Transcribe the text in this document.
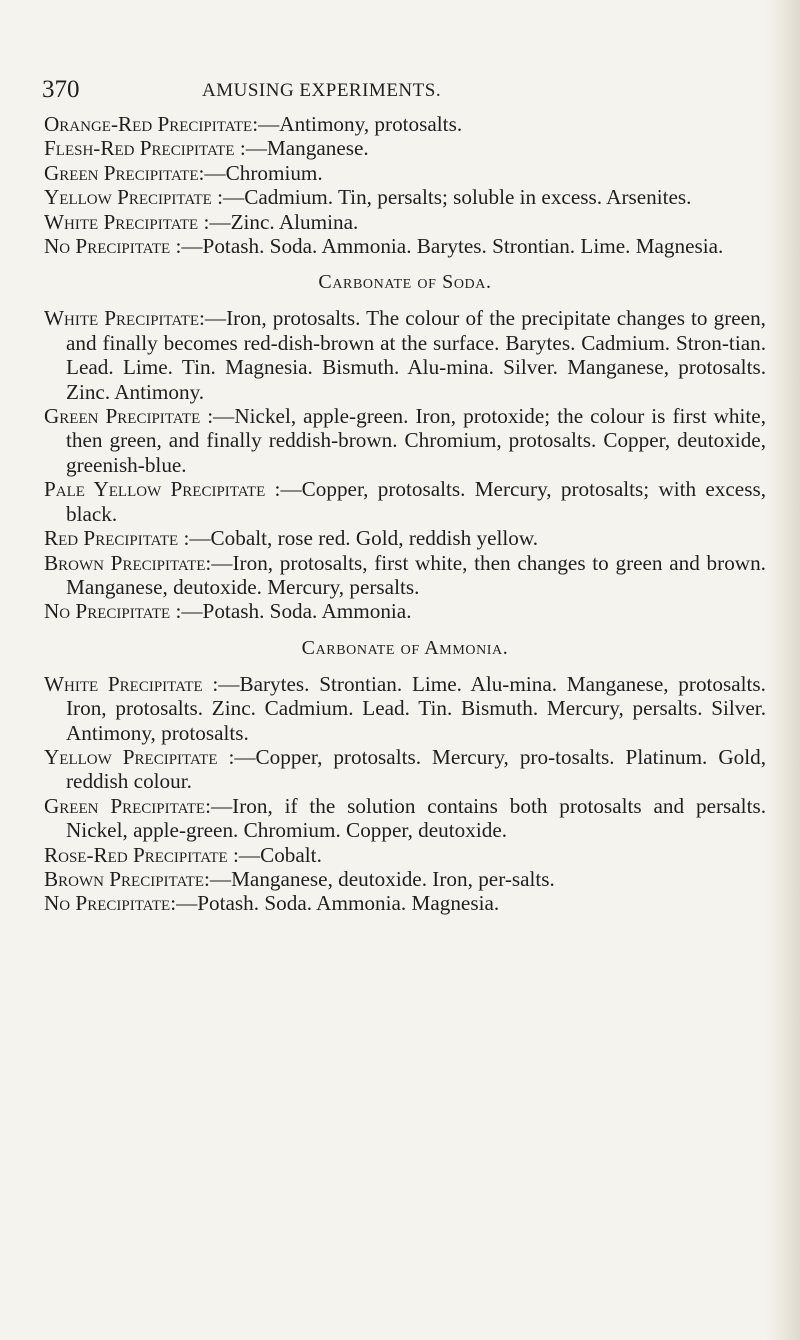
370	AMUSING EXPERIMENTS.

Orange-Red Precipitate:—Antimony, protosalts.

Flesh-Red Precipitate :—Manganese.

Green Precipitate:—Chromium.

Yellow Precipitate :—Cadmium. Tin, persalts; soluble in excess. Arsenites.

White Precipitate :—Zinc. Alumina.

No Precipitate :—Potash. Soda. Ammonia. Barytes. Strontian. Lime. Magnesia.

Carbonate of Soda.

White Precipitate:—Iron, protosalts. The colour of the precipitate changes to green, and finally becomes red-dish-brown at the surface. Barytes. Cadmium. Stron-tian. Lead. Lime. Tin. Magnesia. Bismuth. Alu-mina. Silver. Manganese, protosalts. Zinc. Antimony.

Green Precipitate :—Nickel, apple-green. Iron, protoxide; the colour is first white, then green, and finally reddish-brown. Chromium, protosalts. Copper, deutoxide, greenish-blue.

Pale Yellow Precipitate :—Copper, protosalts. Mercury, protosalts; with excess, black.

Red Precipitate :—Cobalt, rose red. Gold, reddish yellow.

Brown Precipitate:—Iron, protosalts, first white, then changes to green and brown. Manganese, deutoxide. Mercury, persalts.

No Precipitate :—Potash. Soda. Ammonia.

Carbonate of Ammonia.

White Precipitate :—Barytes. Strontian. Lime. Alu-mina. Manganese, protosalts. Iron, protosalts. Zinc. Cadmium. Lead. Tin. Bismuth. Mercury, persalts. Silver. Antimony, protosalts.

Yellow Precipitate :—Copper, protosalts. Mercury, pro-tosalts. Platinum. Gold, reddish colour.

Green Precipitate:—Iron, if the solution contains both protosalts and persalts. Nickel, apple-green. Chromium. Copper, deutoxide.

Rose-Red Precipitate :—Cobalt.

Brown Precipitate:—Manganese, deutoxide. Iron, per-salts.

No Precipitate:—Potash. Soda. Ammonia. Magnesia.
